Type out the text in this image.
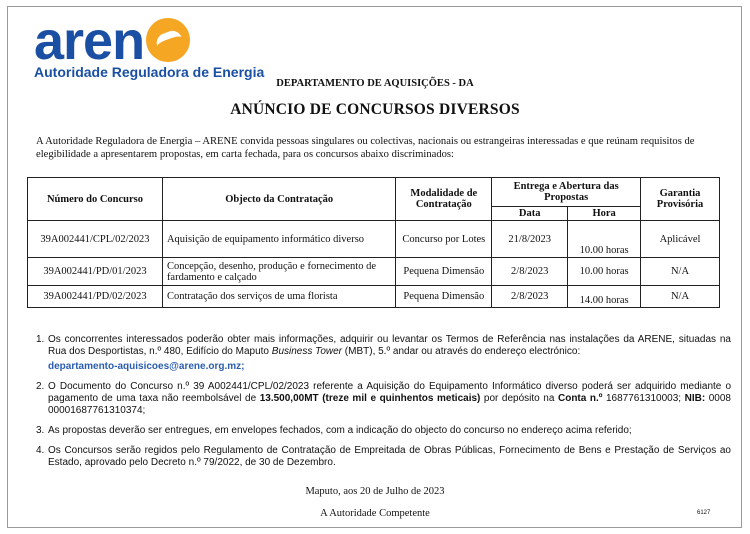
aren
Autoridade Reguladora de Energia
DEPARTAMENTO DE AQUISIÇÕES - DA
ANÚNCIO DE CONCURSOS DIVERSOS
A Autoridade Reguladora de Energia – ARENE convida pessoas singulares ou colectivas, nacionais ou estrangeiras interessadas e que reúnam requisitos de elegibilidade a apresentarem propostas, em carta fechada, para os concursos abaixo discriminados:
Número do Concurso	Objecto da Contratação	Modalidade de Contratação	Entrega e Abertura das Propostas		Garantia Provisória
			Data	Hora	
39A002441/CPL/02/2023	Aquisição de equipamento informático diverso	Concurso por Lotes	21/8/2023	10.00 horas	Aplicável
39A002441/PD/01/2023	Concepção, desenho, produção e fornecimento de fardamento e calçado	Pequena Dimensão	2/8/2023	10.00 horas	N/A
39A002441/PD/02/2023	Contratação dos serviços de uma florista	Pequena Dimensão	2/8/2023	14.00 horas	N/A
1. Os concorrentes interessados poderão obter mais informações, adquirir ou levantar os Termos de Referência nas instalações da ARENE, situadas na Rua dos Desportistas, n.º 480, Edifício do Maputo Business Tower (MBT), 5.º andar ou através do endereço electrónico:
departamento-aquisicoes@arene.org.mz;
2. O Documento do Concurso n.º 39 A002441/CPL/02/2023 referente a Aquisição do Equipamento Informático diverso poderá ser adquirido mediante o pagamento de uma taxa não reembolsável de 13.500,00MT (treze mil e quinhentos meticais) por depósito na Conta n.º 1687761310003; NIB: 0008 00001687761310374;
3. As propostas deverão ser entregues, em envelopes fechados, com a indicação do objecto do concurso no endereço acima referido;
4. Os Concursos serão regidos pelo Regulamento de Contratação de Empreitada de Obras Públicas, Fornecimento de Bens e Prestação de Serviços ao Estado, aprovado pelo Decreto n.º 79/2022, de 30 de Dezembro.
Maputo, aos 20 de Julho de 2023
A Autoridade Competente	6127
